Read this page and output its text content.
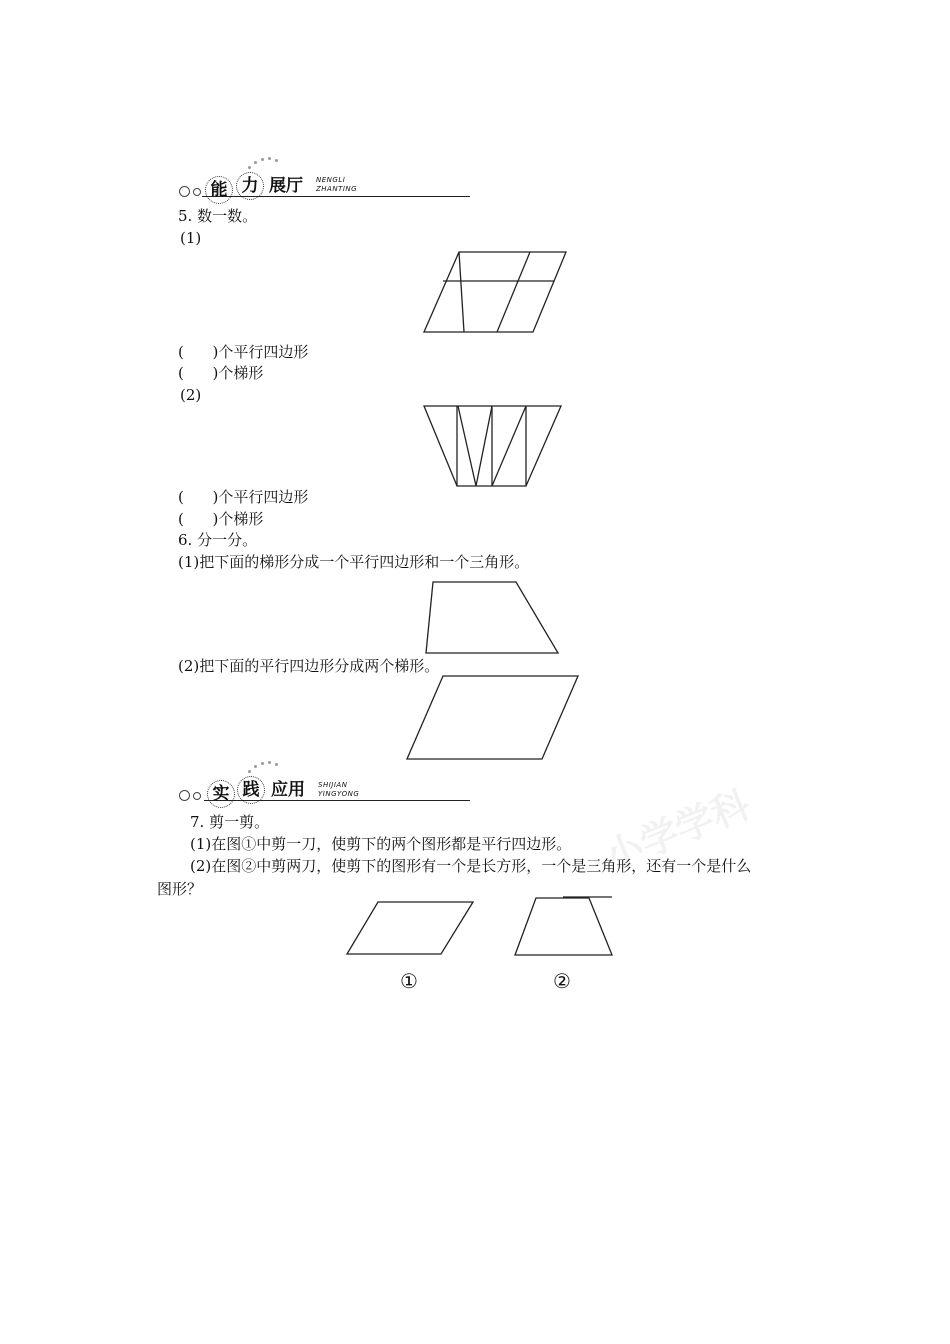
能 力 展厅 NENGLI
ZHANTING
5. 数一数。
(1)
(      )个平行四边形
(      )个梯形
(2)
(      )个平行四边形
(      )个梯形
6. 分一分。
(1)把下面的梯形分成一个平行四边形和一个三角形。
(2)把下面的平行四边形分成两个梯形。
实 践 应用 SHIJIAN
YINGYONG	小学学科
7. 剪一剪。
(1)在图①中剪一刀，使剪下的两个图形都是平行四边形。
(2)在图②中剪两刀，使剪下的图形有一个是长方形，一个是三角形，还有一个是什么
图形？
①	②
